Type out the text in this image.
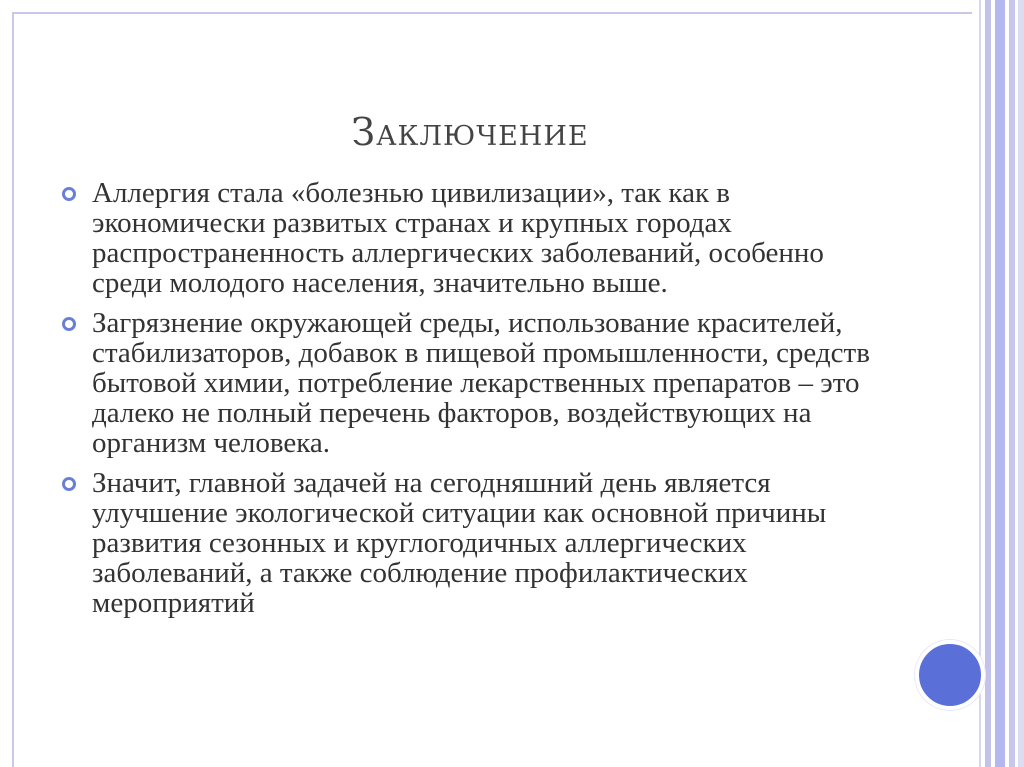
Заключение
Аллергия стала «болезнью цивилизации», так как в экономически развитых странах и крупных городах распространенность аллергических заболеваний, особенно среди молодого населения, значительно выше.
Загрязнение окружающей среды, использование красителей, стабилизаторов, добавок в пищевой промышленности, средств бытовой химии, потребление лекарственных препаратов – это далеко не полный перечень факторов, воздействующих на организм человека.
Значит, главной задачей на сегодняшний день является улучшение экологической ситуации как основной причины развития сезонных и круглогодичных аллергических заболеваний, а также соблюдение профилактических мероприятий
